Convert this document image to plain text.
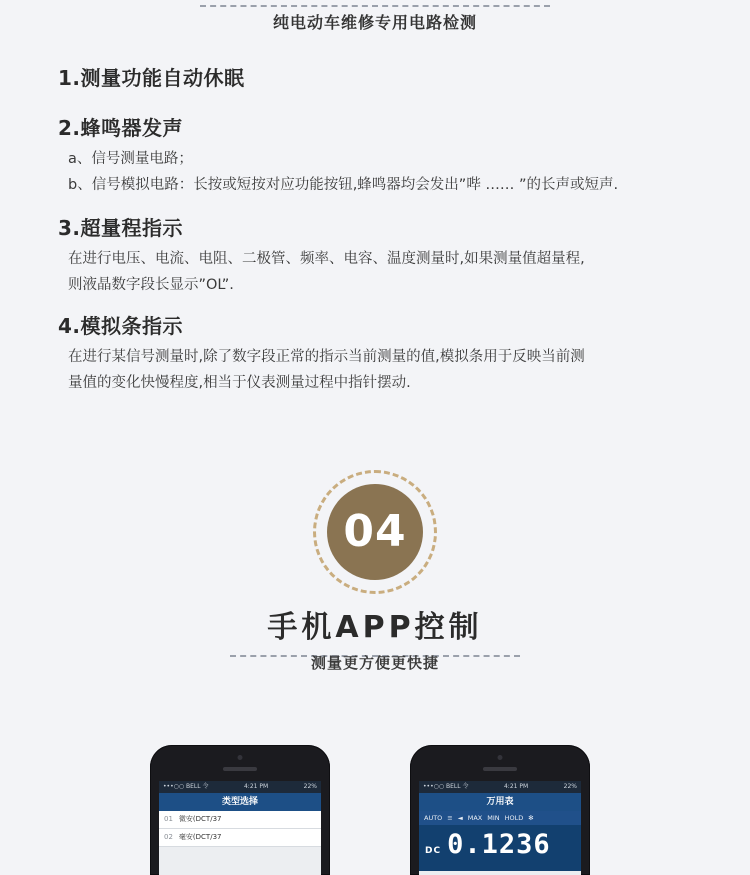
纯电动车维修专用电路检测
1.测量功能自动休眠
2.蜂鸣器发声
a、信号测量电路；
b、信号模拟电路：长按或短按对应功能按钮,蜂鸣器均会发出”哔 …… ”的长声或短声.
3.超量程指示
在进行电压、电流、电阻、二极管、频率、电容、温度测量时,如果测量值超量程,
则液晶数字段长显示”OL”.
4.模拟条指示
在进行某信号测量时,除了数字段正常的指示当前测量的值,模拟条用于反映当前测
量值的变化快慢程度,相当于仪表测量过程中指针摆动.
04
手机APP控制
测量更方便更快捷
•••○○ BELL 令	4:21 PM	22%
类型选择
01 微安(DCT/37
02 毫安(DCT/37
•••○○ BELL 令	4:21 PM	22%
万用表
AUTO ≡ ◄ MAX MIN HOLD ✻
DC 0.1236
